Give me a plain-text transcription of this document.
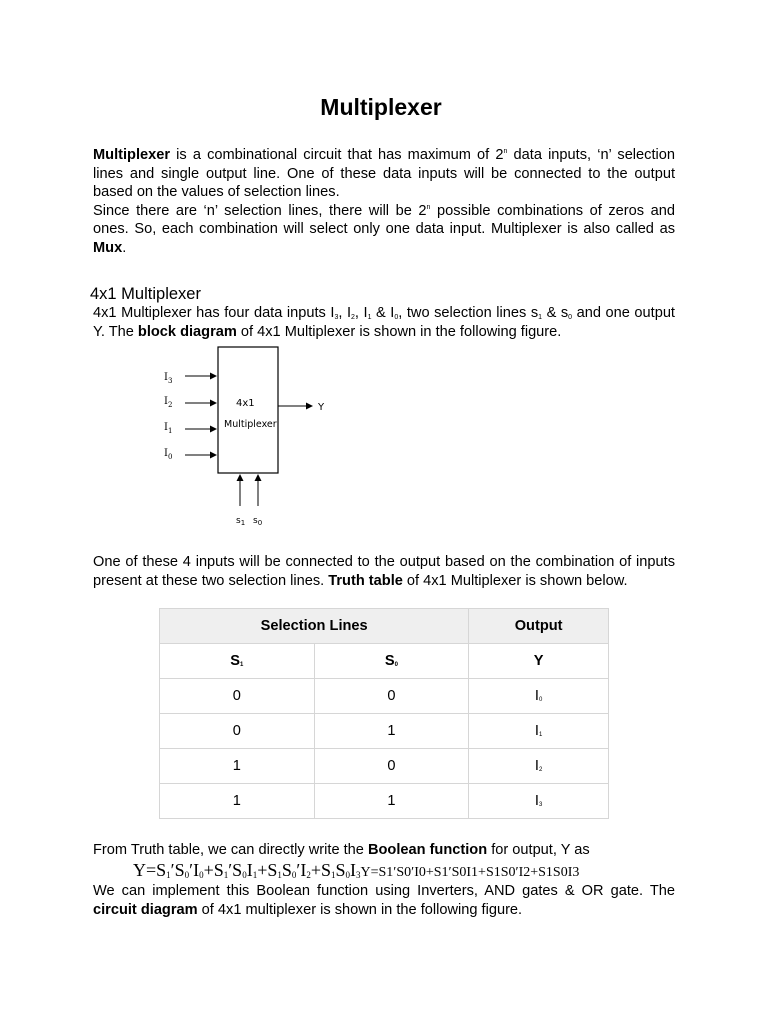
Multiplexer

Multiplexer is a combinational circuit that has maximum of 2$^n$ data inputs, ‘n’ selection lines and single output line. One of these data inputs will be connected to the output based on the values of selection lines.

Since there are ‘n’ selection lines, there will be 2$^n$ possible combinations of zeros and ones. So, each combination will select only one data input. Multiplexer is also called as Mux.

4x1 Multiplexer

4x1 Multiplexer has four data inputs $I_3$, $I_2$, $I_1$ & $I_0$, two selection lines $s_1$ & $s_0$ and one output Y. The block diagram of 4x1 Multiplexer is shown in the following figure.

4x1
Multiplexer
$I_3$
$I_2$
$I_1$
$I_0$
Y
$s_1$ $s_0$

One of these 4 inputs will be connected to the output based on the combination of inputs present at these two selection lines. Truth table of 4x1 Multiplexer is shown below.

Selection Lines		Output
$S_1$	$S_0$	Y
0	0	$I_0$
0	1	$I_1$
1	0	$I_2$
1	1	$I_3$

From Truth table, we can directly write the Boolean function for output, Y as

$Y=S_1'S_0'I_0+S_1'S_0I_1+S_1S_0'I_2+S_1S_0I_3Y=S1'S0'I0+S1'S0I1+S1S0'I2+S1S0I3$

We can implement this Boolean function using Inverters, AND gates & OR gate. The circuit diagram of 4x1 multiplexer is shown in the following figure.
